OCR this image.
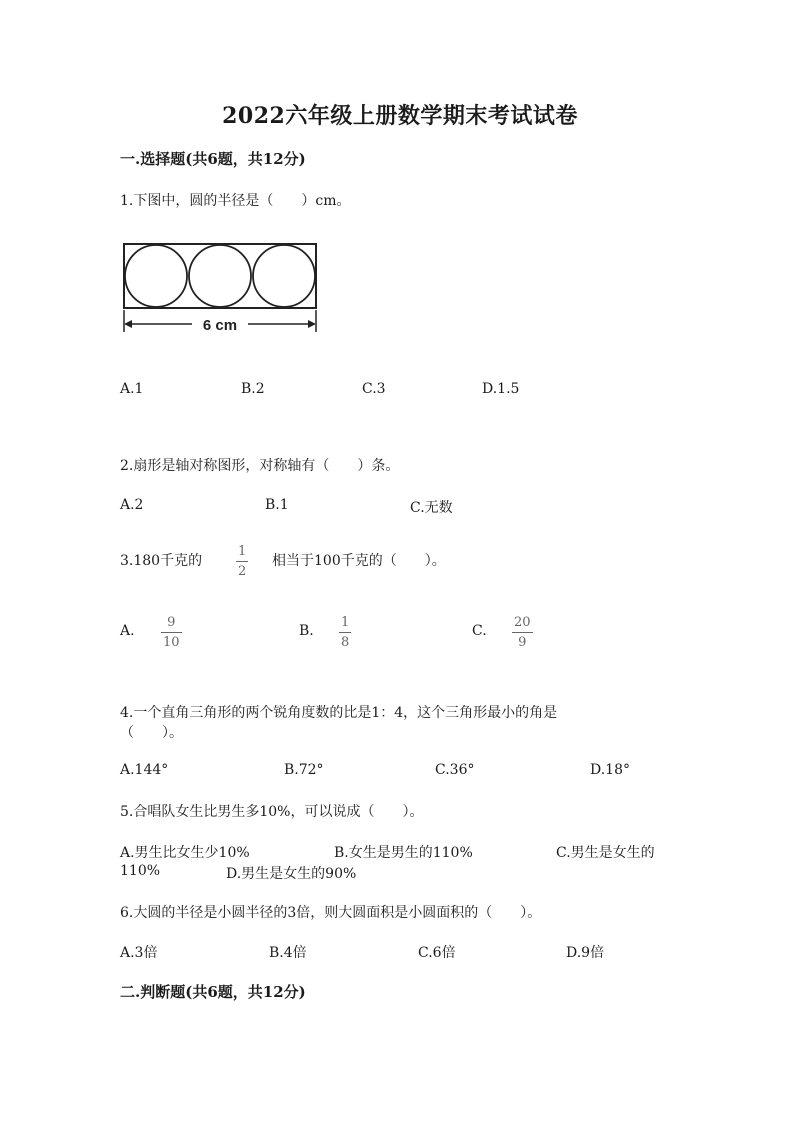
2022六年级上册数学期末考试试卷
一.选择题(共6题，共12分)
1.下图中，圆的半径是（　　）cm。
6 cm
A.1	B.2	C.3	D.1.5
2.扇形是轴对称图形，对称轴有（　　）条。
A.2	B.1	C.无数
3.180千克的
1
2
相当于100千克的（　　）。
A.
9
10
B.
1
8
C.
20
9
4.一个直角三角形的两个锐角度数的比是1：4，这个三角形最小的角是
（　　）。
A.144°	B.72°	C.36°	D.18°
5.合唱队女生比男生多10%，可以说成（　　）。
A.男生比女生少10%	B.女生是男生的110%	C.男生是女生的
110%	D.男生是女生的90%
6.大圆的半径是小圆半径的3倍，则大圆面积是小圆面积的（　　）。
A.3倍	B.4倍	C.6倍	D.9倍
二.判断题(共6题，共12分)
